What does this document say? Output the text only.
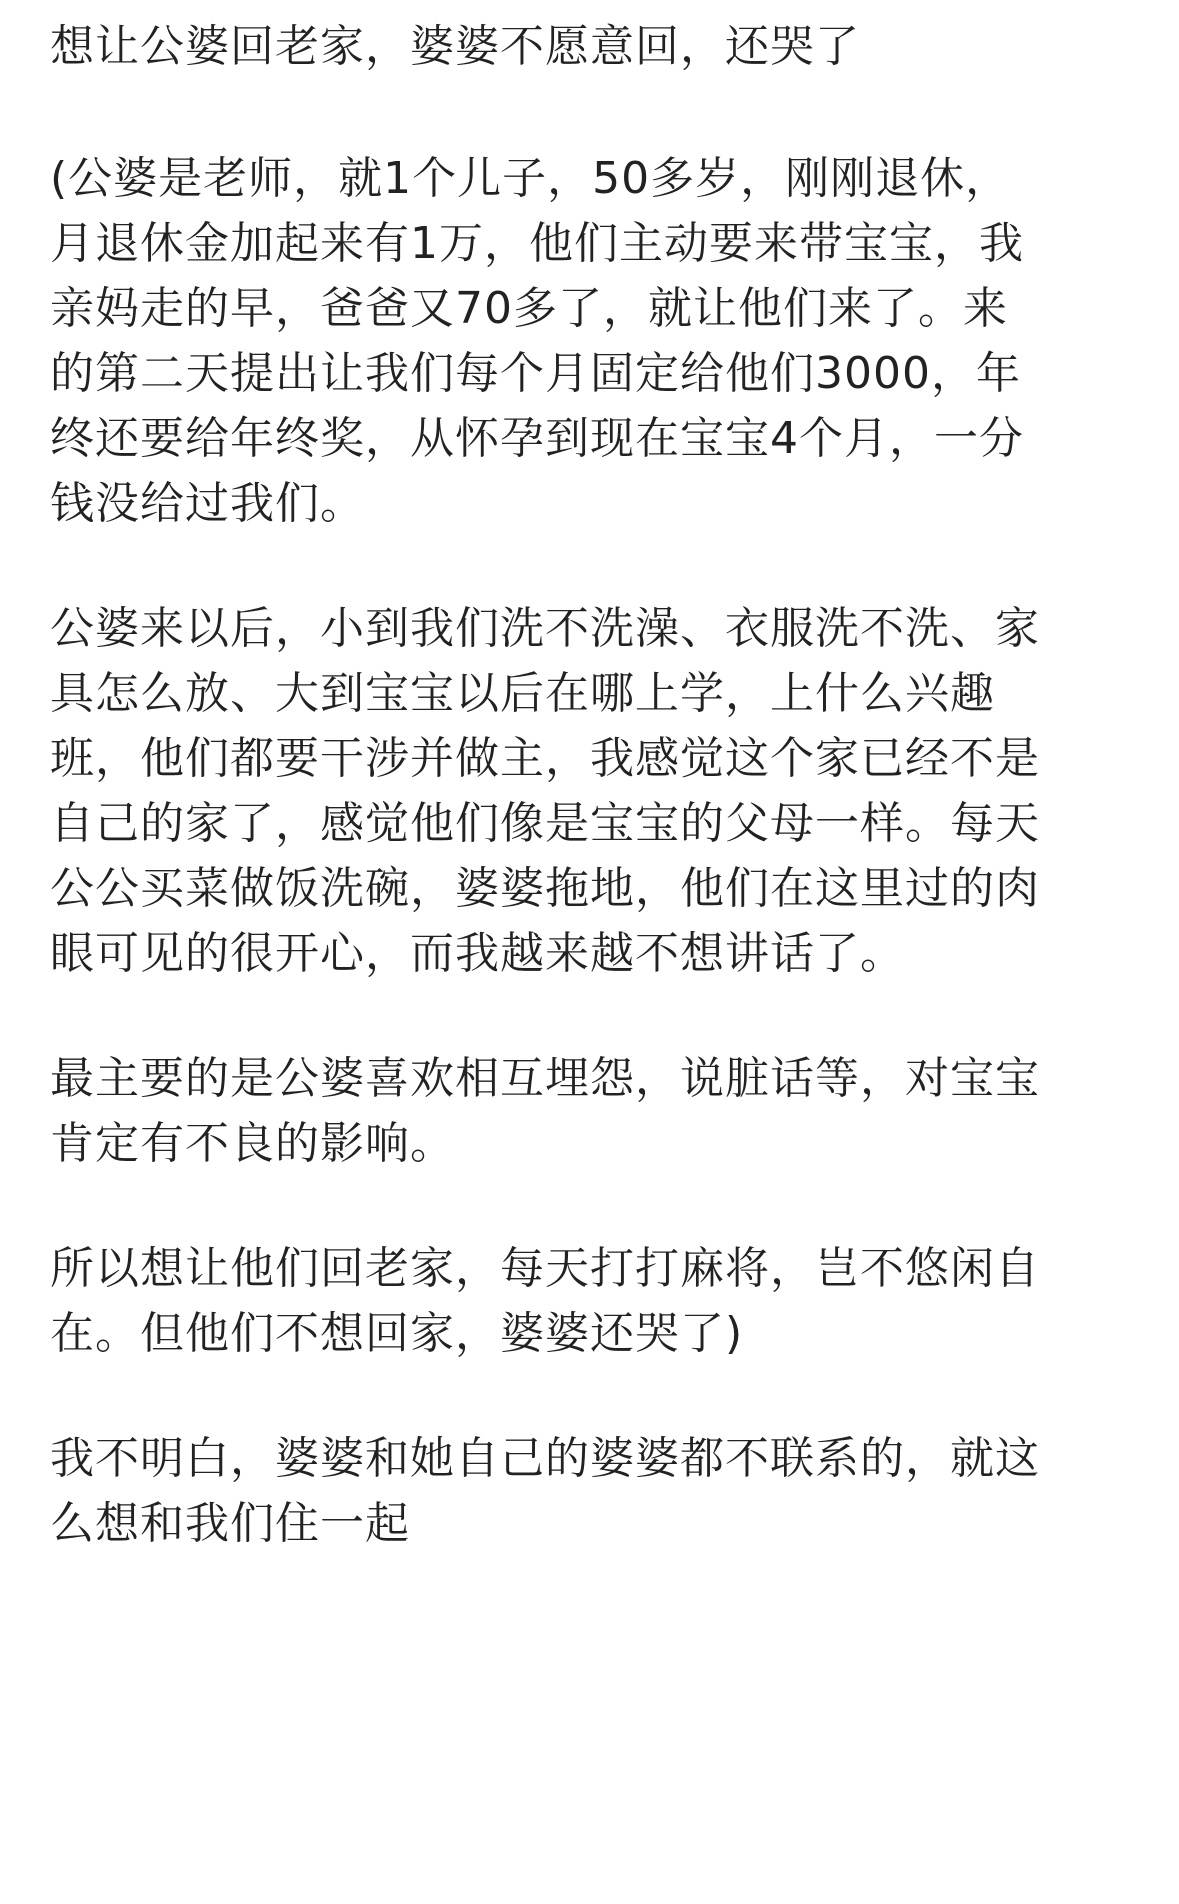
想让公婆回老家，婆婆不愿意回，还哭了
(公婆是老师，就1个儿子，50多岁，刚刚退休，
月退休金加起来有1万，他们主动要来带宝宝，我
亲妈走的早，爸爸又70多了，就让他们来了。来
的第二天提出让我们每个月固定给他们3000，年
终还要给年终奖，从怀孕到现在宝宝4个月，一分
钱没给过我们。
公婆来以后，小到我们洗不洗澡、衣服洗不洗、家
具怎么放、大到宝宝以后在哪上学，上什么兴趣
班，他们都要干涉并做主，我感觉这个家已经不是
自己的家了，感觉他们像是宝宝的父母一样。每天
公公买菜做饭洗碗，婆婆拖地，他们在这里过的肉
眼可见的很开心，而我越来越不想讲话了。
最主要的是公婆喜欢相互埋怨，说脏话等，对宝宝
肯定有不良的影响。
所以想让他们回老家，每天打打麻将，岂不悠闲自
在。但他们不想回家，婆婆还哭了)
我不明白，婆婆和她自己的婆婆都不联系的，就这
么想和我们住一起
